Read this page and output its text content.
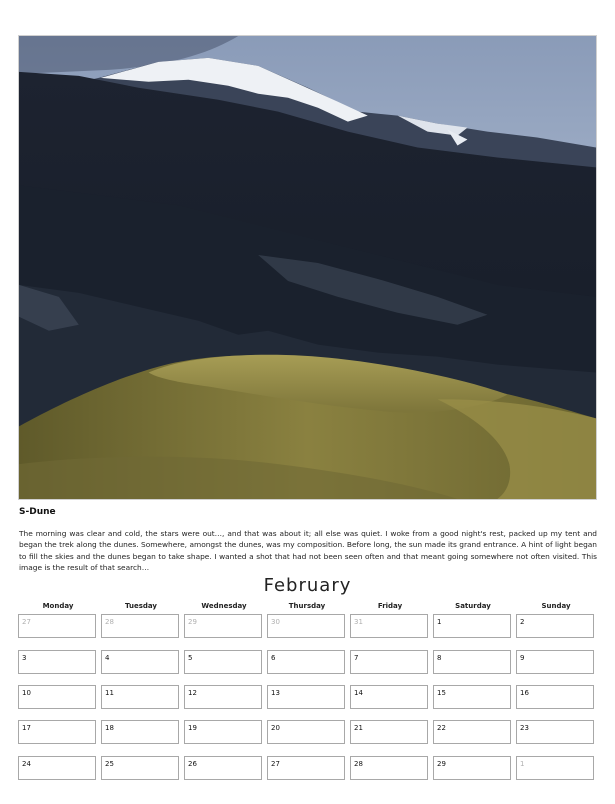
S-Dune
The morning was clear and cold, the stars were out…, and that was about it; all else was quiet. I woke from a good night's rest, packed up my tent and began the trek along the dunes. Somewhere, amongst the dunes, was my composition. Before long, the sun made its grand entrance. A hint of light began to fill the skies and the dunes began to take shape. I wanted a shot that had not been seen often and that meant going somewhere not often visited. This image is the result of that search…
February
Monday	Tuesday	Wednesday	Thursday	Friday	Saturday	Sunday
27	28	29	30	31	1	2
3	4	5	6	7	8	9
10	11	12	13	14	15	16
17	18	19	20	21	22	23
24	25	26	27	28	29	1
